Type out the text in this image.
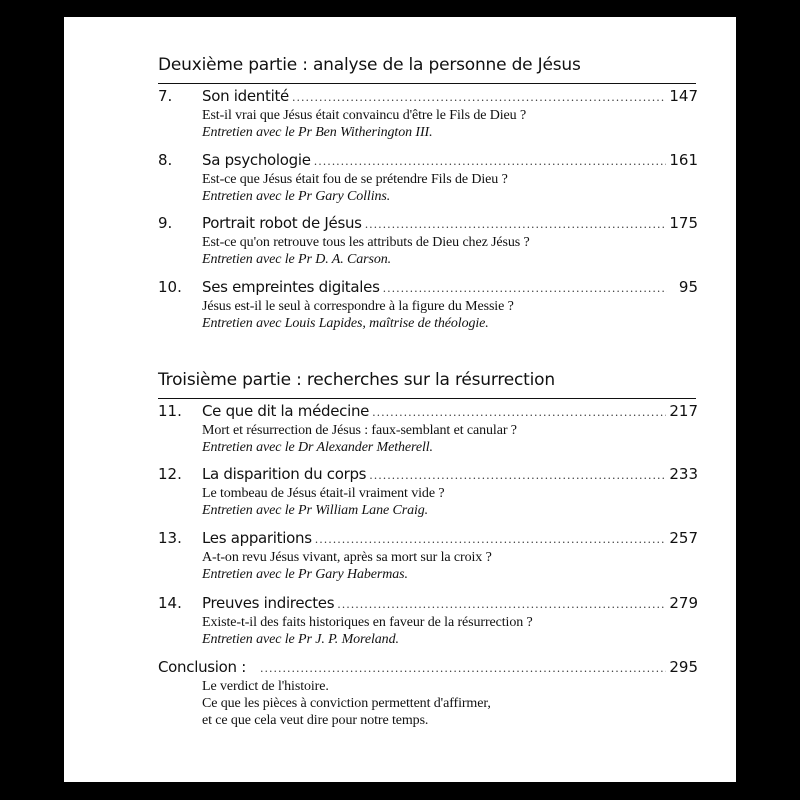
Deuxième partie : analyse de la personne de Jésus
7.	Son identité .....	147
Est-il vrai que Jésus était convaincu d'être le Fils de Dieu ?
Entretien avec le Pr Ben Witherington III.
8.	Sa psychologie .....	161
Est-ce que Jésus était fou de se prétendre Fils de Dieu ?
Entretien avec le Pr Gary Collins.
9.	Portrait robot de Jésus .....	175
Est-ce qu'on retrouve tous les attributs de Dieu chez Jésus ?
Entretien avec le Pr D. A. Carson.
10.	Ses empreintes digitales .....	95
Jésus est-il le seul à correspondre à la figure du Messie ?
Entretien avec Louis Lapides, maîtrise de théologie.
Troisième partie : recherches sur la résurrection
11.	Ce que dit la médecine .....	217
Mort et résurrection de Jésus : faux-semblant et canular ?
Entretien avec le Dr Alexander Metherell.
12.	La disparition du corps .....	233
Le tombeau de Jésus était-il vraiment vide ?
Entretien avec le Pr William Lane Craig.
13.	Les apparitions .....	257
A-t-on revu Jésus vivant, après sa mort sur la croix ?
Entretien avec le Pr Gary Habermas.
14.	Preuves indirectes .....	279
Existe-t-il des faits historiques en faveur de la résurrection ?
Entretien avec le Pr J. P. Moreland.
Conclusion : .....	295
Le verdict de l'histoire.
Ce que les pièces à conviction permettent d'affirmer,
et ce que cela veut dire pour notre temps.
